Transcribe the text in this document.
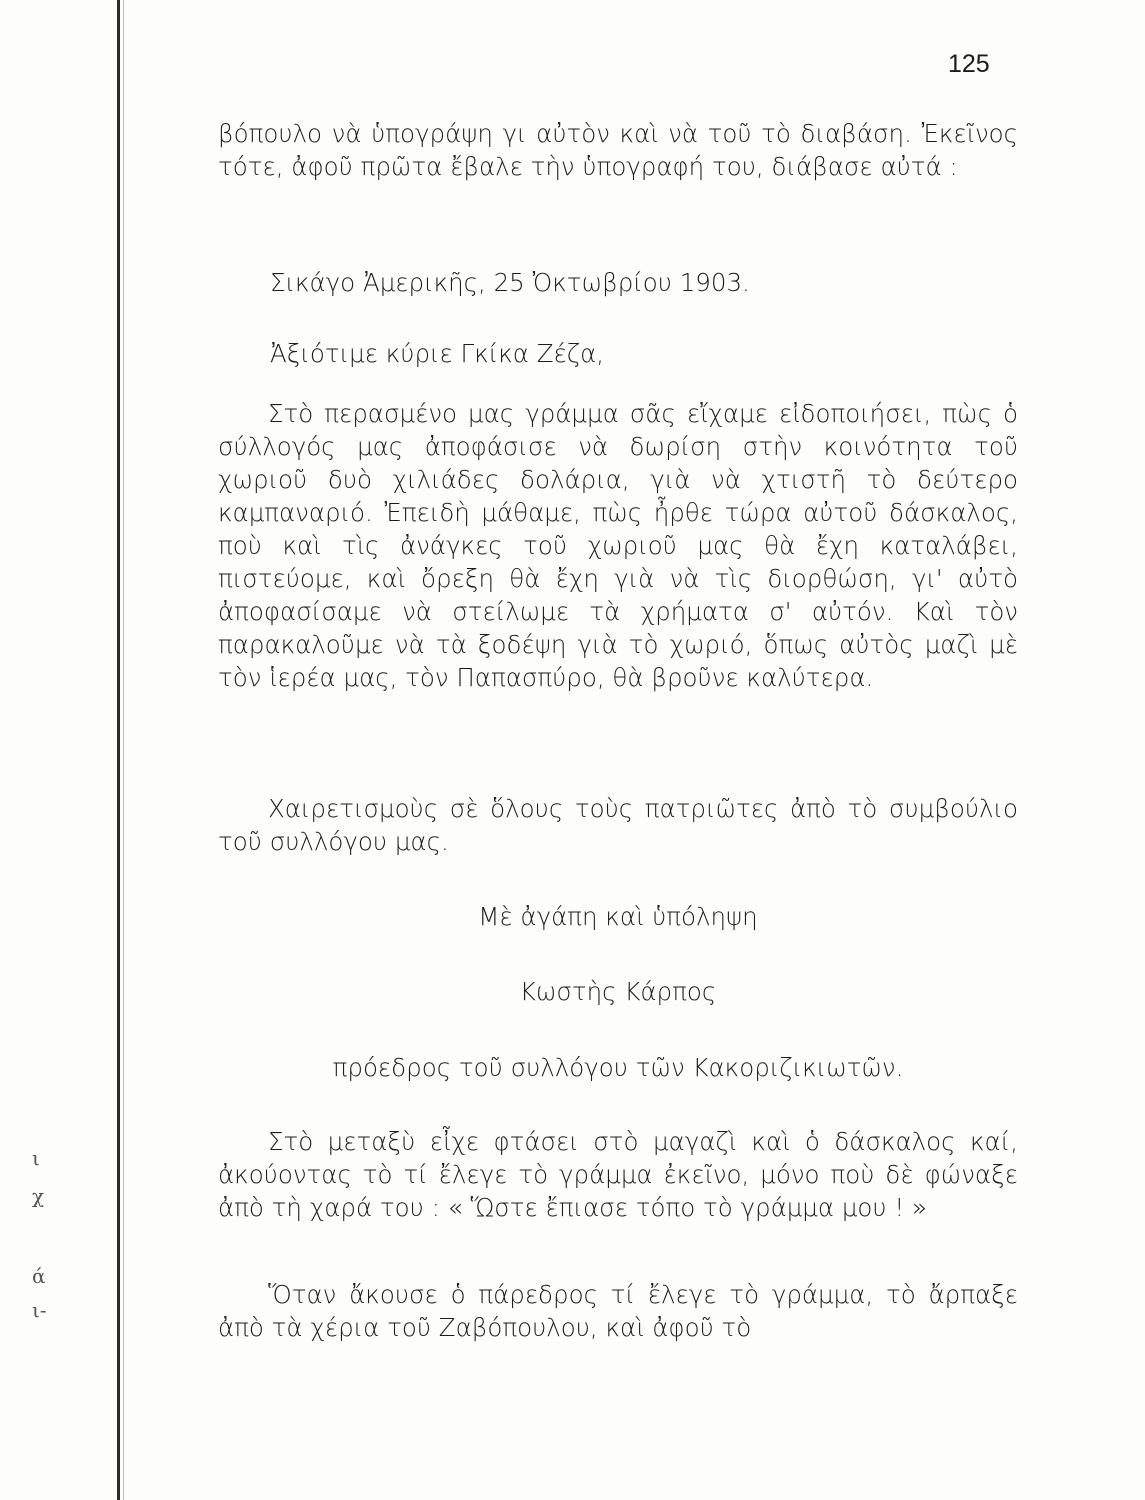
ι
χ
ά
ι-
125

βόπουλο νὰ ὑπογράψη γι αὐτὸν καὶ νὰ τοῦ τὸ διαβάση. Ἐκεῖνος τότε, ἀφοῦ πρῶτα ἔβαλε τὴν ὑπογραφή του, διάβασε αὐτά :

Σικάγο Ἀμερικῆς, 25 Ὀκτωβρίου 1903.

Ἀξιότιμε κύριε Γκίκα Ζέζα,

Στὸ περασμένο μας γράμμα σᾶς εἴχαμε εἰδοποιήσει, πὼς ὁ σύλλογός μας ἀποφάσισε νὰ δωρίση στὴν κοινότητα τοῦ χωριοῦ δυὸ χιλιάδες δολάρια, γιὰ νὰ χτιστῆ τὸ δεύτερο καμπαναριό. Ἐπειδὴ μάθαμε, πὼς ἦρθε τώρα αὐτοῦ δάσκαλος, ποὺ καὶ τὶς ἀνάγκες τοῦ χωριοῦ μας θὰ ἔχη καταλάβει, πιστεύομε, καὶ ὄρεξη θὰ ἔχη γιὰ νὰ τὶς διορθώση, γι' αὐτὸ ἀποφασίσαμε νὰ στείλωμε τὰ χρήματα σ' αὐτόν. Καὶ τὸν παρακαλοῦμε νὰ τὰ ξοδέψη γιὰ τὸ χωριό, ὅπως αὐτὸς μαζὶ μὲ τὸν ἱερέα μας, τὸν Παπασπύρο, θὰ βροῦνε καλύτερα.

Χαιρετισμοὺς σὲ ὅλους τοὺς πατριῶτες ἀπὸ τὸ συμβούλιο τοῦ συλλόγου μας.

Μὲ ἀγάπη καὶ ὑπόληψη

Κωστὴς Κάρπος

πρόεδρος τοῦ συλλόγου τῶν Κακοριζικιωτῶν.

Στὸ μεταξὺ εἶχε φτάσει στὸ μαγαζὶ καὶ ὁ δάσκαλος καί, ἀκούοντας τὸ τί ἔλεγε τὸ γράμμα ἐκεῖνο, μόνο ποὺ δὲ φώναξε ἀπὸ τὴ χαρά του : « Ὥστε ἔπιασε τόπο τὸ γράμμα μου ! »

Ὅταν ἄκουσε ὁ πάρεδρος τί ἔλεγε τὸ γράμμα, τὸ ἄρπαξε ἀπὸ τὰ χέρια τοῦ Ζαβόπουλου, καὶ ἀφοῦ τὸ
